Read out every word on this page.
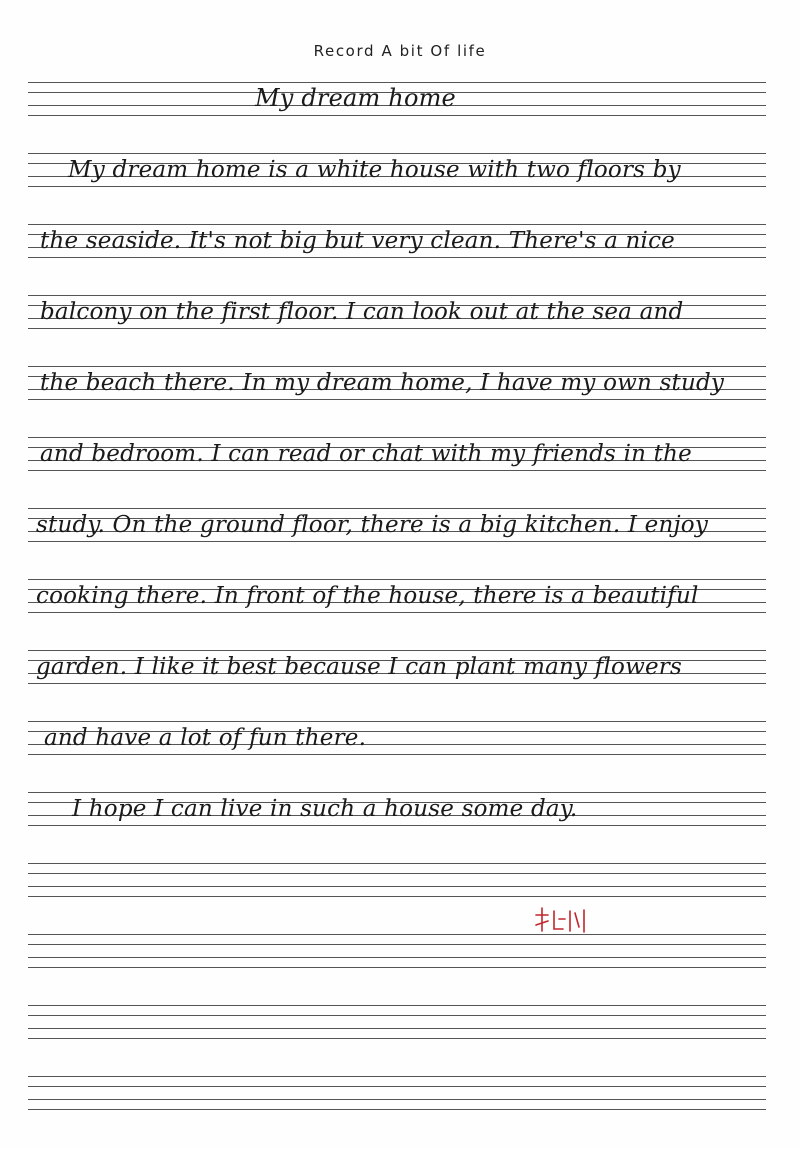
Record A bit Of life
My dream home
My dream home is a white house with two floors by
the seaside. It's not big but very clean. There's a nice
balcony on the first floor. I can look out at the sea and
the beach there. In my dream home, I have my own study
and bedroom. I can read or chat with my friends in the
study. On the ground floor, there is a big kitchen. I enjoy
cooking there. In front of the house, there is a beautiful
garden. I like it best because I can plant many flowers
and have a lot of fun there.
I hope I can live in such a house some day.
